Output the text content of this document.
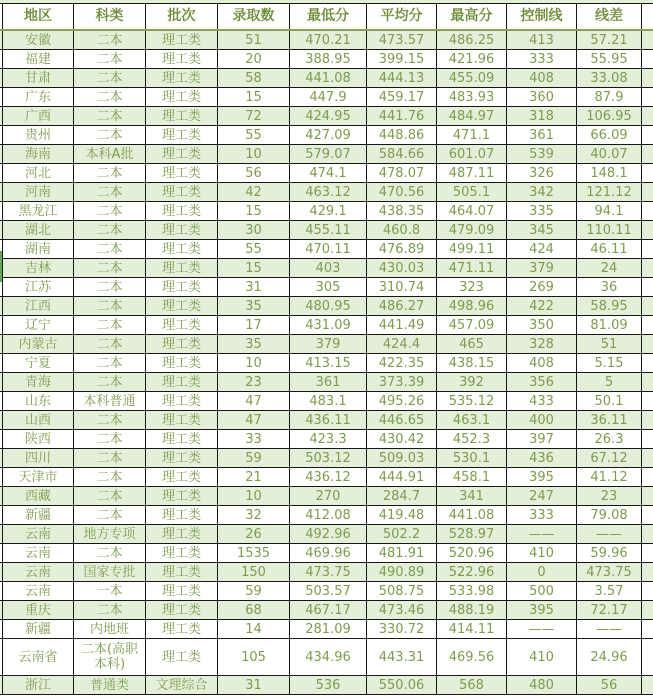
地区	科类	批次	录取数	最低分	平均分	最高分	控制线	线差
安徽	二本	理工类	51	470.21	473.57	486.25	413	57.21
福建	二本	理工类	20	388.95	399.15	421.96	333	55.95
甘肃	二本	理工类	58	441.08	444.13	455.09	408	33.08
广东	二本	理工类	15	447.9	459.17	483.93	360	87.9
广西	二本	理工类	72	424.95	441.76	484.97	318	106.95
贵州	二本	理工类	55	427.09	448.86	471.1	361	66.09
海南	本科A批	理工类	10	579.07	584.66	601.07	539	40.07
河北	二本	理工类	56	474.1	478.07	487.11	326	148.1
河南	二本	理工类	42	463.12	470.56	505.1	342	121.12
黑龙江	二本	理工类	15	429.1	438.35	464.07	335	94.1
湖北	二本	理工类	30	455.11	460.8	479.09	345	110.11
湖南	二本	理工类	55	470.11	476.89	499.11	424	46.11
吉林	二本	理工类	15	403	430.03	471.11	379	24
江苏	二本	理工类	31	305	310.74	323	269	36
江西	二本	理工类	35	480.95	486.27	498.96	422	58.95
辽宁	二本	理工类	17	431.09	441.49	457.09	350	81.09
内蒙古	二本	理工类	35	379	424.4	465	328	51
宁夏	二本	理工类	10	413.15	422.35	438.15	408	5.15
青海	二本	理工类	23	361	373.39	392	356	5
山东	本科普通	理工类	47	483.1	495.26	535.12	433	50.1
山西	二本	理工类	47	436.11	446.65	463.1	400	36.11
陕西	二本	理工类	33	423.3	430.42	452.3	397	26.3
四川	二本	理工类	59	503.12	509.03	530.1	436	67.12
天津市	二本	理工类	21	436.12	444.91	458.1	395	41.12
西藏	二本	理工类	10	270	284.7	341	247	23
新疆	二本	理工类	32	412.08	419.48	441.08	333	79.08
云南	地方专项	理工类	26	492.96	502.2	528.97	——	——
云南	二本	理工类	1535	469.96	481.91	520.96	410	59.96
云南	国家专批	理工类	150	473.75	490.89	522.96	0	473.75
云南	一本	理工类	59	503.57	508.75	533.98	500	3.57
重庆	二本	理工类	68	467.17	473.46	488.19	395	72.17
新疆	内地班	理工类	14	281.09	330.72	414.11	——	——
云南省	二本(高职本科)	理工类	105	434.96	443.31	469.56	410	24.96
浙江	普通类	文理综合	31	536	550.06	568	480	56
